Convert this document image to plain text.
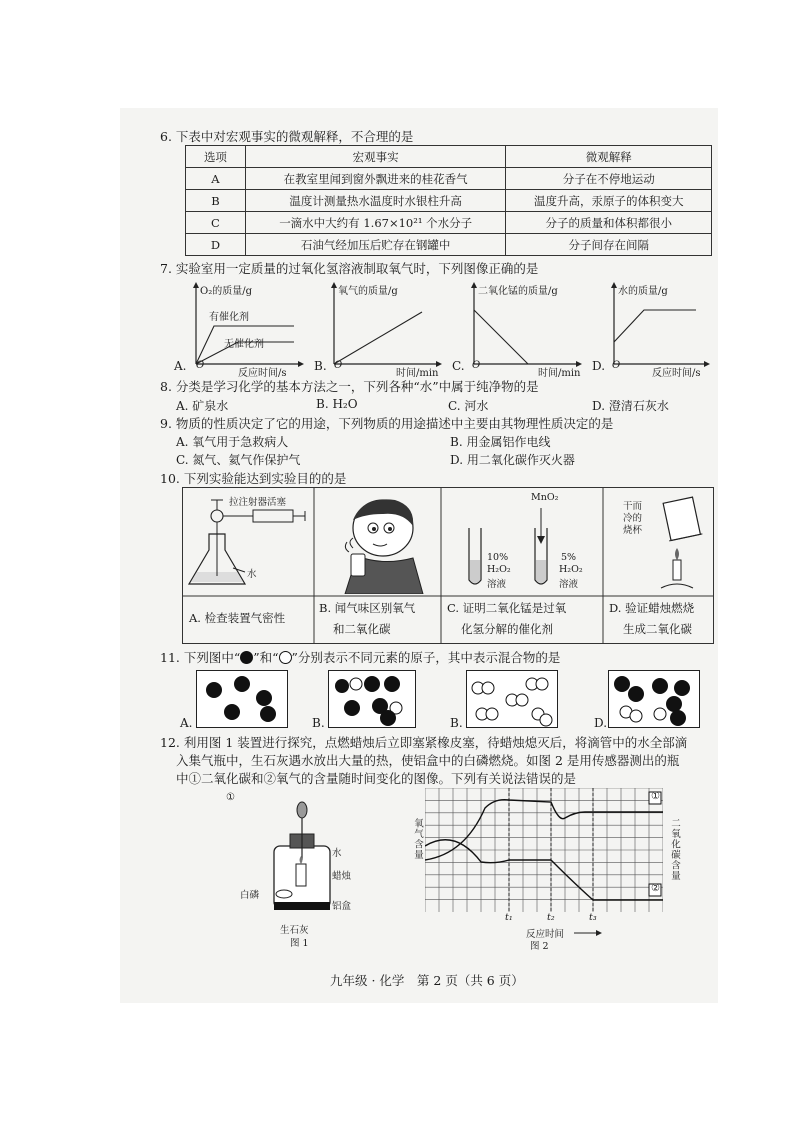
6. 下表中对宏观事实的微观解释，不合理的是
选项	宏观事实	微观解释
A	在教室里闻到窗外飘进来的桂花香气	分子在不停地运动
B	温度计测量热水温度时水银柱升高	温度升高，汞原子的体积变大
C	一滴水中大约有 1.67×10²¹ 个水分子	分子的质量和体积都很小
D	石油气经加压后贮存在钢罐中	分子间存在间隔
7. 实验室用一定质量的过氧化氢溶液制取氧气时，下列图像正确的是
O₂的质量/g
有催化剂
无催化剂
A. O
反应时间/s
氧气的质量/g
B. O
时间/min
二氧化锰的质量/g
C. O
时间/min
水的质量/g
D. O
反应时间/s
8. 分类是学习化学的基本方法之一，下列各种“水”中属于纯净物的是
A. 矿泉水	B. H₂O	C. 河水	D. 澄清石灰水
9. 物质的性质决定了它的用途，下列物质的用途描述中主要由其物理性质决定的是
A. 氧气用于急救病人	B. 用金属铝作电线
C. 氮气、氦气作保护气	D. 用二氧化碳作灭火器
10. 下列实验能达到实验目的的是
拉注射器活塞
水
MnO₂
10%
H₂O₂
溶液
5%
H₂O₂
溶液
干而
冷的
烧杯
A. 检查装置气密性
B. 闻气味区别氧气
和二氧化碳
C. 证明二氧化锰是过氧
化氢分解的催化剂
D. 验证蜡烛燃烧
生成二氧化碳
11. 下列图中“ ”和“ ”分别表示不同元素的原子，其中表示混合物的是
A.	B.	B.	D.
12. 利用图 1 装置进行探究，点燃蜡烛后立即塞紧橡皮塞，待蜡烛熄灭后，将滴管中的水全部滴
入集气瓶中，生石灰遇水放出大量的热，使铝盒中的白磷燃烧。如图 2 是用传感器测出的瓶
中①二氧化碳和②氧气的含量随时间变化的图像。下列有关说法错误的是
水
蜡烛
白磷
铝盒
生石灰
图 1
①
②
①
氧气含量	二氧化碳含量
t₁	t₂	t₃
反应时间
图 2
九年级 · 化学　第 2 页（共 6 页）
